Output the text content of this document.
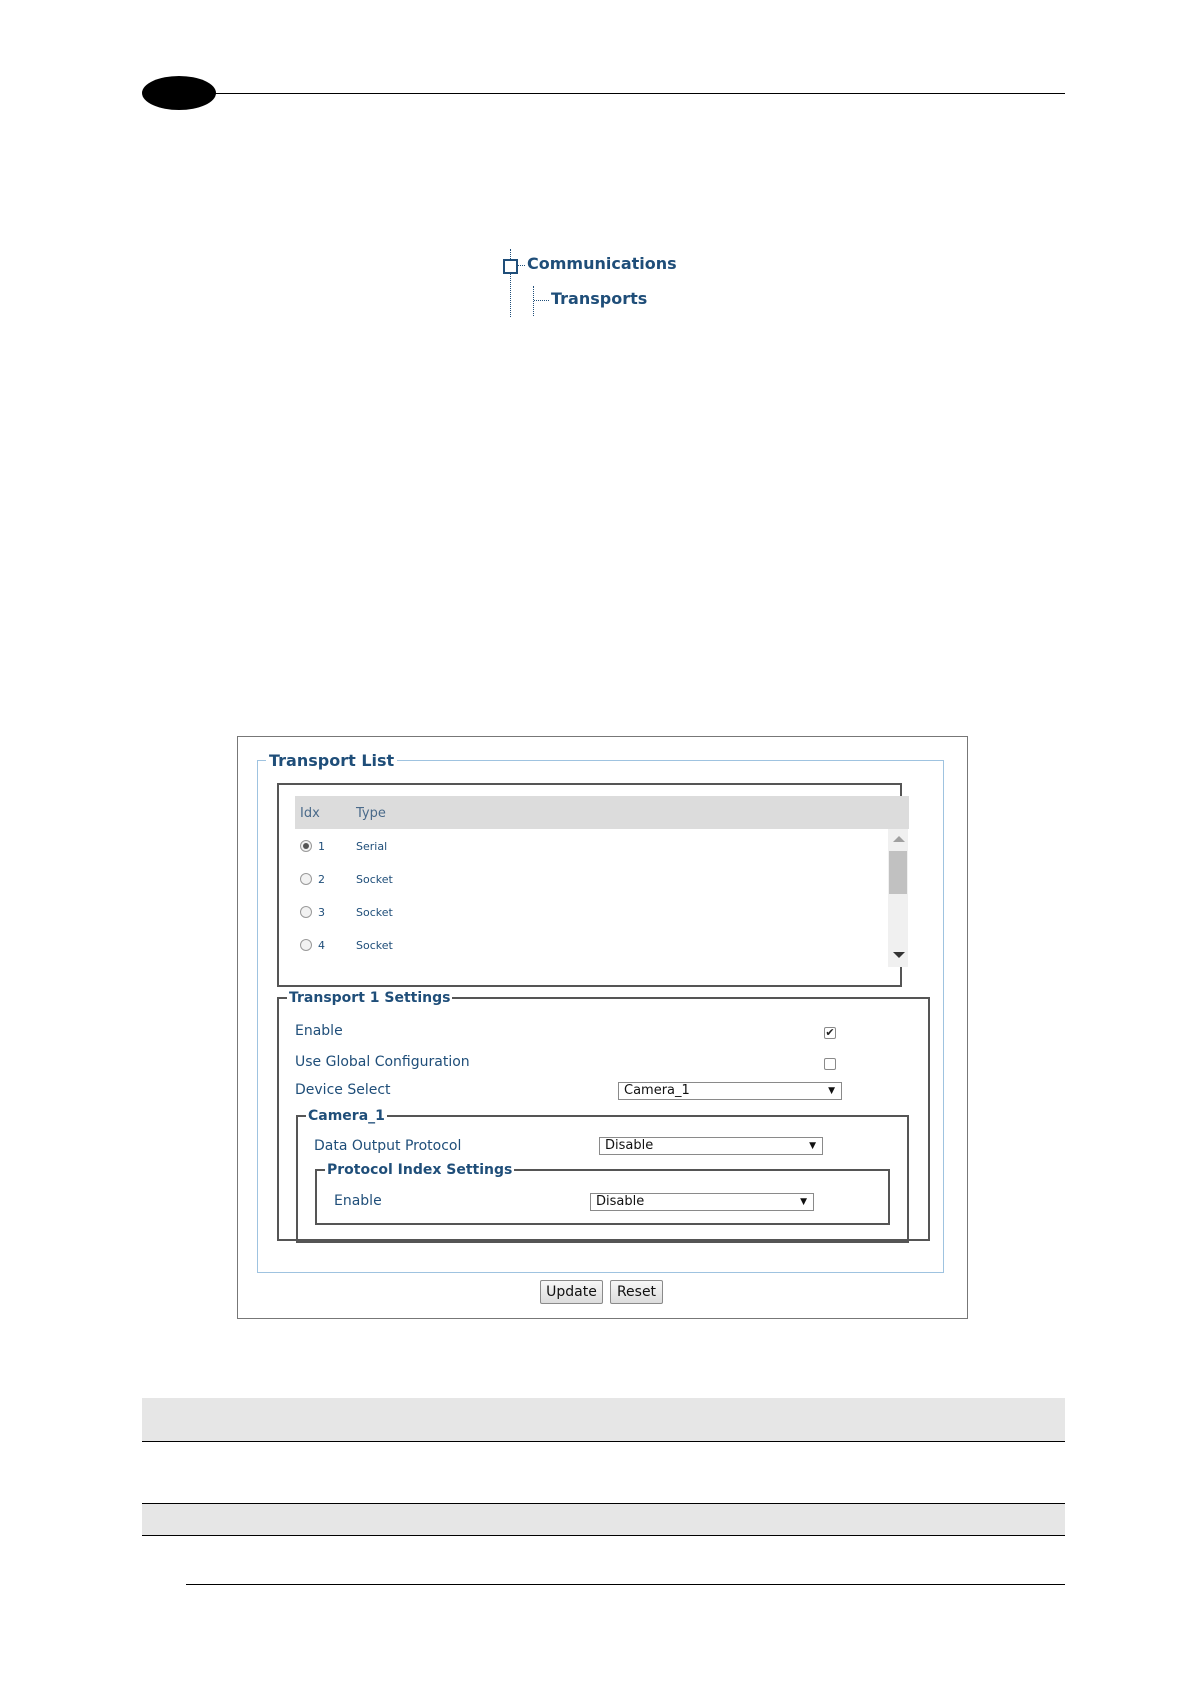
Communications
Transports
Transport List
Idx	Type
1	Serial
2	Socket
3	Socket
4	Socket
Transport 1 Settings
Enable	✔
Use Global Configuration
Device Select	Camera_1	▼
Camera_1
Data Output Protocol	Disable	▼
Protocol Index Settings
Enable	Disable	▼
Update	Reset
